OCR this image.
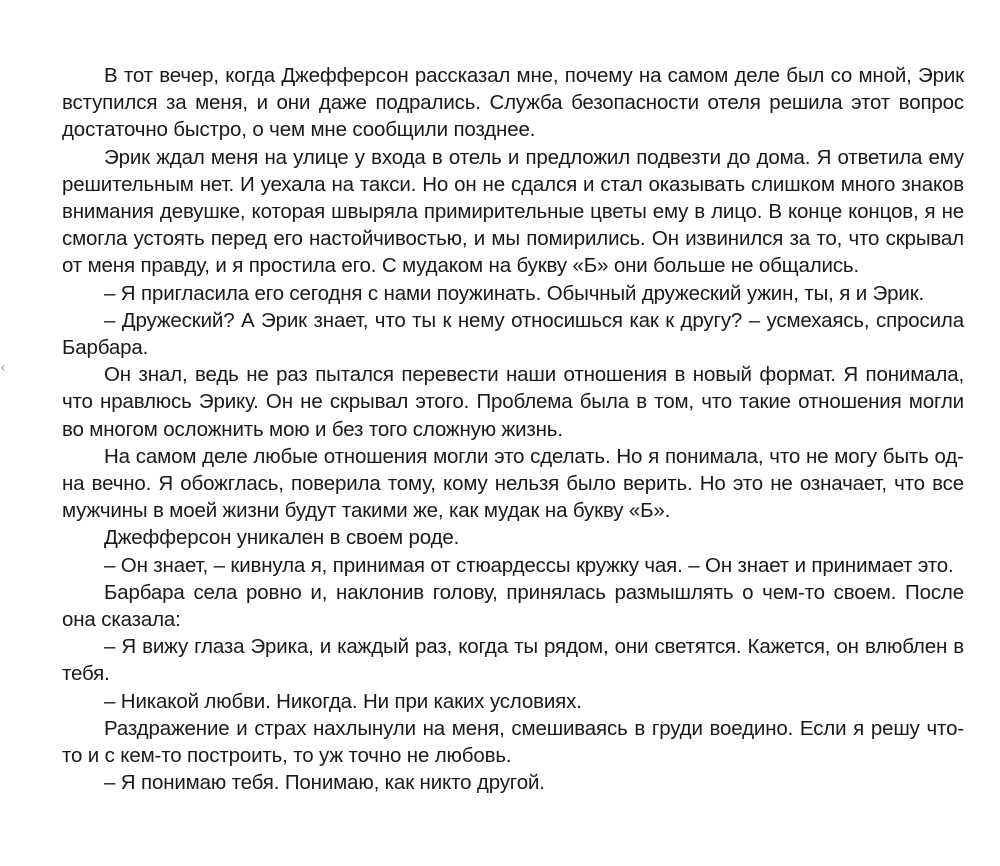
‹

В тот вечер, когда Джефферсон рассказал мне, почему на самом деле был со мной, Эрик вступился за меня, и они даже подрались. Служба безопасности отеля решила этот вопрос достаточно быстро, о чем мне сообщили позднее.

Эрик ждал меня на улице у входа в отель и предложил подвезти до дома. Я ответила ему решительным нет. И уехала на такси. Но он не сдался и стал оказывать слишком много знаков внимания девушке, которая швыряла примирительные цветы ему в лицо. В конце концов, я не смогла устоять перед его настойчивостью, и мы помирились. Он извинился за то, что скрывал от меня правду, и я простила его. С мудаком на букву «Б» они больше не общались.

– Я пригласила его сегодня с нами поужинать. Обычный дружеский ужин, ты, я и Эрик.

– Дружеский? А Эрик знает, что ты к нему относишься как к другу? – усмехаясь, спросила Барбара.

Он знал, ведь не раз пытался перевести наши отношения в новый формат. Я понимала, что нравлюсь Эрику. Он не скрывал этого. Проблема была в том, что такие отношения могли во многом осложнить мою и без того сложную жизнь.

На самом деле любые отношения могли это сделать. Но я понимала, что не могу быть одна вечно. Я обожглась, поверила тому, кому нельзя было верить. Но это не означает, что все мужчины в моей жизни будут такими же, как мудак на букву «Б».

Джефферсон уникален в своем роде.

– Он знает, – кивнула я, принимая от стюардессы кружку чая. – Он знает и принимает это.

Барбара села ровно и, наклонив голову, принялась размышлять о чем-то своем. После она сказала:

– Я вижу глаза Эрика, и каждый раз, когда ты рядом, они светятся. Кажется, он влюблен в тебя.

– Никакой любви. Никогда. Ни при каких условиях.

Раздражение и страх нахлынули на меня, смешиваясь в груди воедино. Если я решу что-то и с кем-то построить, то уж точно не любовь.

– Я понимаю тебя. Понимаю, как никто другой.
